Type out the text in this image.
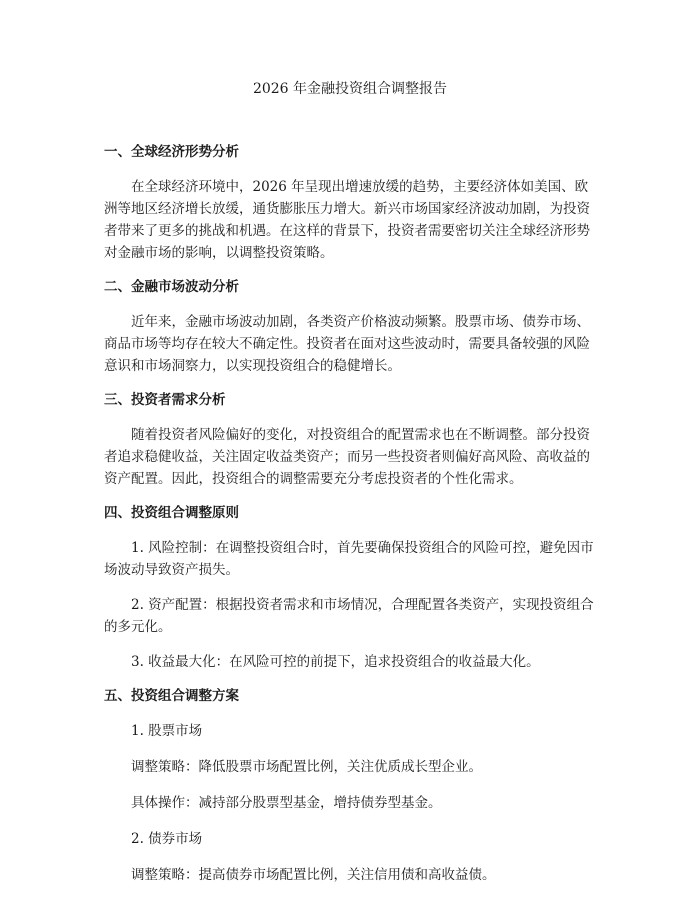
2026 年金融投资组合调整报告
一、全球经济形势分析

在全球经济环境中，2026 年呈现出增速放缓的趋势，主要经济体如美国、欧洲等地区经济增长放缓，通货膨胀压力增大。新兴市场国家经济波动加剧，为投资者带来了更多的挑战和机遇。在这样的背景下，投资者需要密切关注全球经济形势对金融市场的影响，以调整投资策略。

二、金融市场波动分析

近年来，金融市场波动加剧，各类资产价格波动频繁。股票市场、债券市场、商品市场等均存在较大不确定性。投资者在面对这些波动时，需要具备较强的风险意识和市场洞察力，以实现投资组合的稳健增长。

三、投资者需求分析

随着投资者风险偏好的变化，对投资组合的配置需求也在不断调整。部分投资者追求稳健收益，关注固定收益类资产；而另一些投资者则偏好高风险、高收益的资产配置。因此，投资组合的调整需要充分考虑投资者的个性化需求。

四、投资组合调整原则

1. 风险控制：在调整投资组合时，首先要确保投资组合的风险可控，避免因市场波动导致资产损失。

2. 资产配置：根据投资者需求和市场情况，合理配置各类资产，实现投资组合的多元化。

3. 收益最大化：在风险可控的前提下，追求投资组合的收益最大化。

五、投资组合调整方案

1. 股票市场

调整策略：降低股票市场配置比例，关注优质成长型企业。

具体操作：减持部分股票型基金，增持债券型基金。

2. 债券市场

调整策略：提高债券市场配置比例，关注信用债和高收益债。
